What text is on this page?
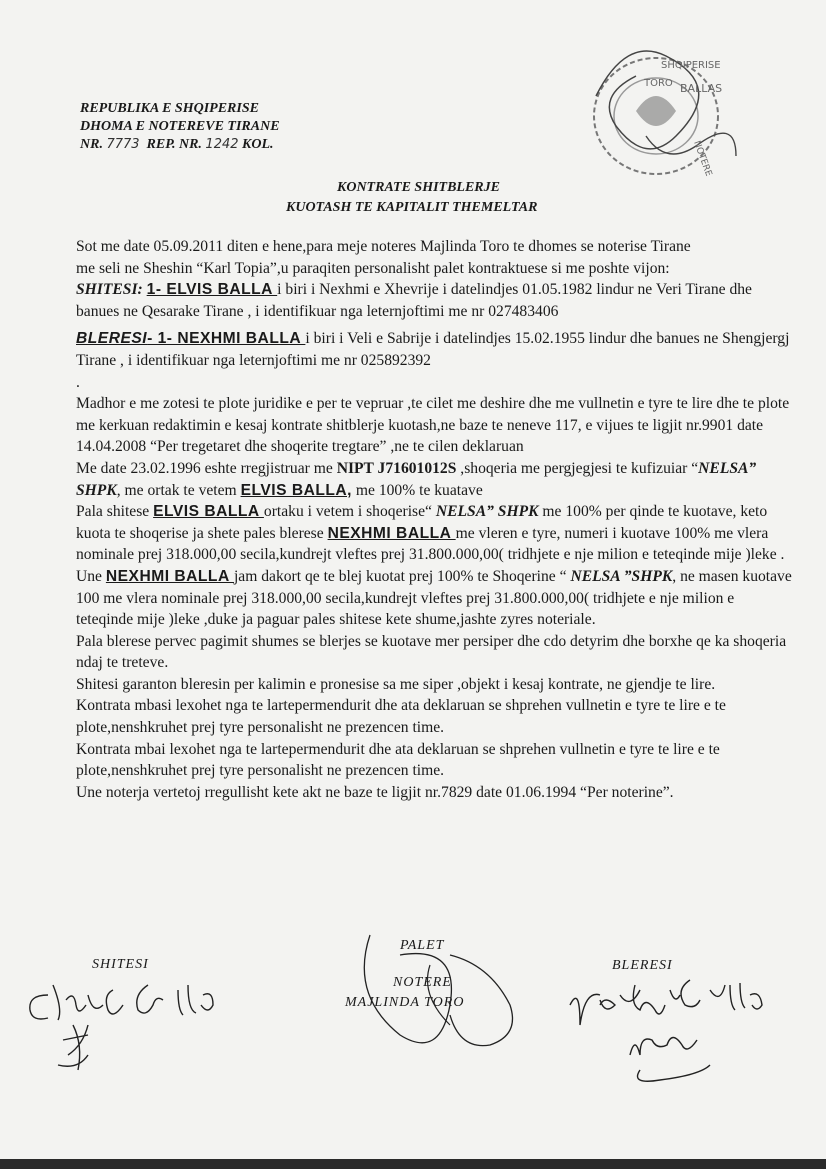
SHQIPERISE
TORO BALLAS
NOTERE
REPUBLIKA E SHQIPERISE
DHOMA E NOTEREVE TIRANE
NR. 7773 REP. NR. 1242 KOL.
KONTRATE SHITBLERJE
KUOTASH TE KAPITALIT THEMELTAR

Sot me date 05.09.2011 diten e hene,para meje noteres Majlinda Toro te dhomes se noterise Tirane

me seli ne Sheshin “Karl Topia”,u paraqiten personalisht palet kontraktuese si me poshte vijon:

SHITESI: 1- ELVIS BALLA i biri i Nexhmi e Xhevrije i datelindjes 01.05.1982 lindur ne Veri Tirane dhe banues ne Qesarake Tirane , i identifikuar nga leternjoftimi me nr 027483406

BLERESI- 1- NEXHMI BALLA i biri i Veli e Sabrije i datelindjes 15.02.1955 lindur dhe banues ne Shengjergj Tirane , i identifikuar nga leternjoftimi me nr 025892392

.

Madhor e me zotesi te plote juridike e per te vepruar ,te cilet me deshire dhe me vullnetin e tyre te lire dhe te plote me kerkuan redaktimin e kesaj kontrate shitblerje kuotash,ne baze te neneve 117, e vijues te ligjit nr.9901 date 14.04.2008 “Per tregetaret dhe shoqerite tregtare” ,ne te cilen deklaruan

Me date 23.02.1996 eshte rregjistruar me NIPT J71601012S ,shoqeria me pergjegjesi te kufizuiar “NELSA” SHPK, me ortak te vetem ELVIS BALLA, me 100% te kuatave

Pala shitese ELVIS BALLA ortaku i vetem i shoqerise“ NELSA” SHPK me 100% per qinde te kuotave, keto kuota te shoqerise ja shete pales blerese NEXHMI BALLA me vleren e tyre, numeri i kuotave 100% me vlera nominale prej 318.000,00 secila,kundrejt vleftes prej 31.800.000,00( tridhjete e nje milion e teteqinde mije )leke .

Une NEXHMI BALLA jam dakort qe te blej kuotat prej 100% te Shoqerine “ NELSA ”SHPK, ne masen kuotave 100 me vlera nominale prej 318.000,00 secila,kundrejt vleftes prej 31.800.000,00( tridhjete e nje milion e teteqinde mije )leke ,duke ja paguar pales shitese kete shume,jashte zyres noteriale.

Pala blerese pervec pagimit shumes se blerjes se kuotave mer persiper dhe cdo detyrim dhe borxhe qe ka shoqeria ndaj te treteve.

Shitesi garanton bleresin per kalimin e pronesise sa me siper ,objekt i kesaj kontrate, ne gjendje te lire.

Kontrata mbasi lexohet nga te lartepermendurit dhe ata deklaruan se shprehen vullnetin e tyre te lire e te plote,nenshkruhet prej tyre personalisht ne prezencen time.

Kontrata mbai lexohet nga te lartepermendurit dhe ata deklaruan se shprehen vullnetin e tyre te lire e te plote,nenshkruhet prej tyre personalisht ne prezencen time.

Une noterja vertetoj rregullisht kete akt ne baze te ligjit nr.7829 date 01.06.1994 “Per noterine”.

PALET
SHITESI
NOTERE
MAJLINDA TORO
BLERESI
